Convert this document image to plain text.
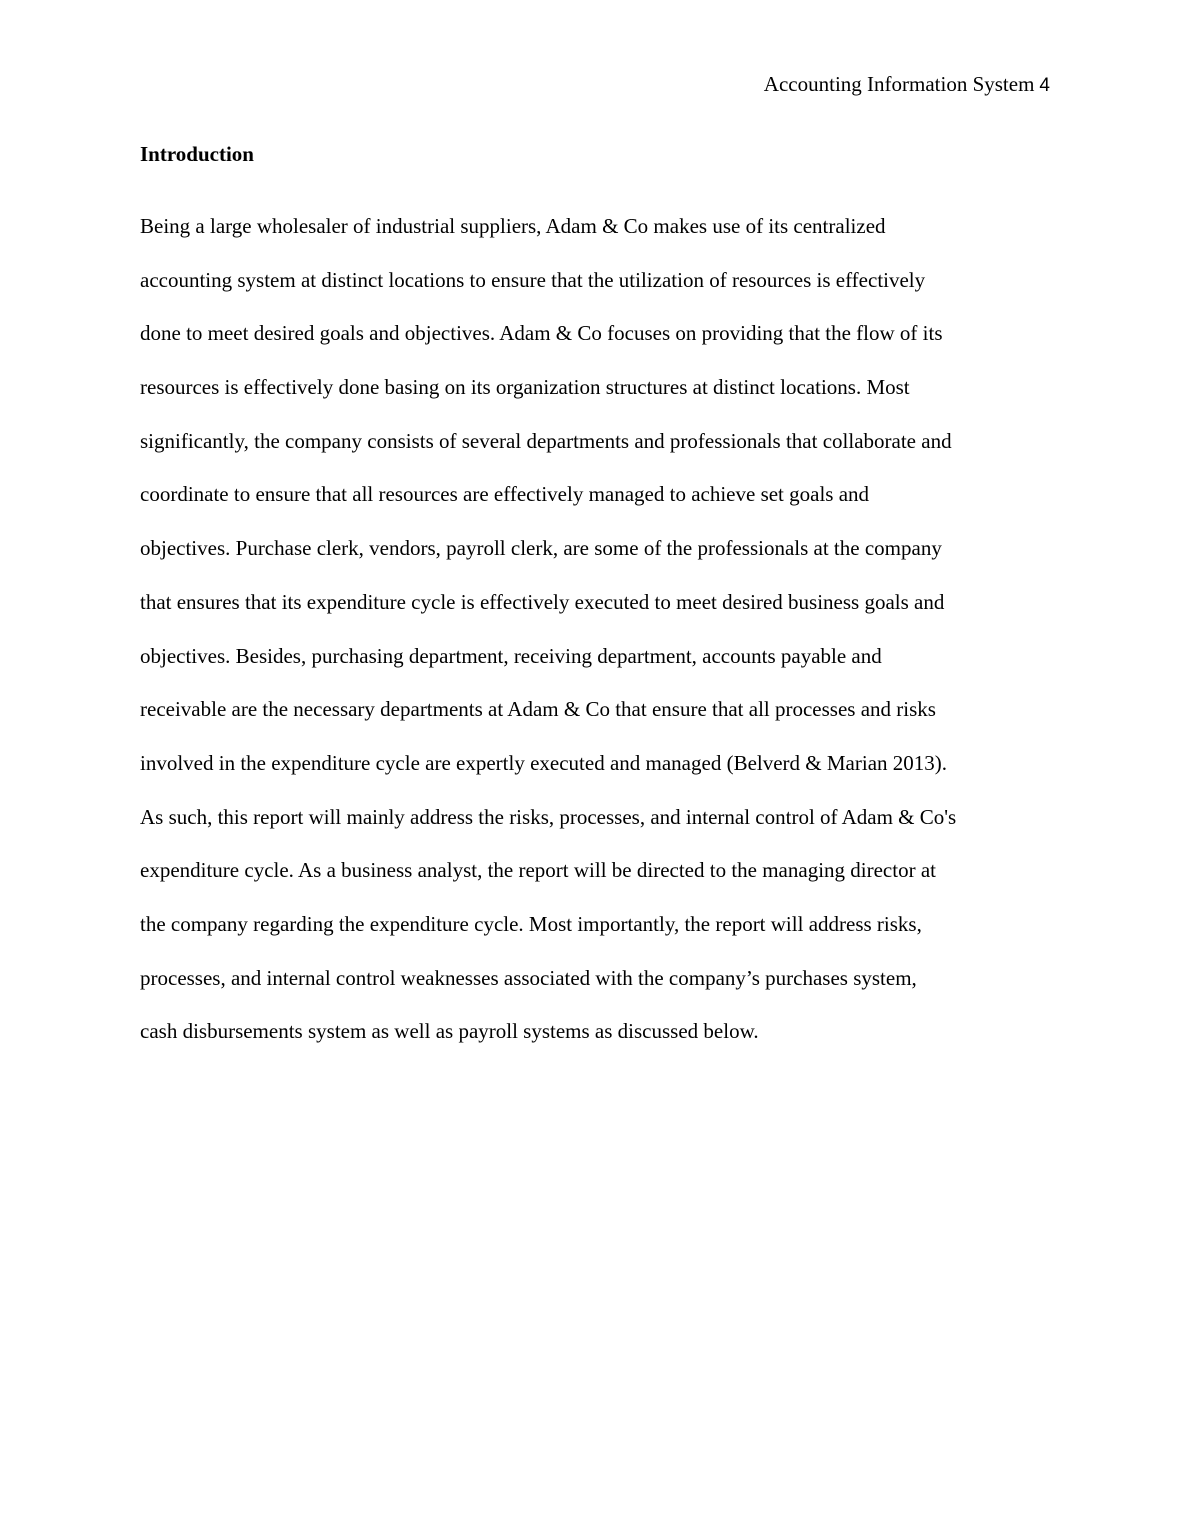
Accounting Information System 4
Introduction
Being a large wholesaler of industrial suppliers, Adam & Co makes use of its centralized
accounting system at distinct locations to ensure that the utilization of resources is effectively
done to meet desired goals and objectives. Adam & Co focuses on providing that the flow of its
resources is effectively done basing on its organization structures at distinct locations. Most
significantly, the company consists of several departments and professionals that collaborate and
coordinate to ensure that all resources are effectively managed to achieve set goals and
objectives. Purchase clerk, vendors, payroll clerk, are some of the professionals at the company
that ensures that its expenditure cycle is effectively executed to meet desired business goals and
objectives. Besides, purchasing department, receiving department, accounts payable and
receivable are the necessary departments at Adam & Co that ensure that all processes and risks
involved in the expenditure cycle are expertly executed and managed (Belverd & Marian 2013).
As such, this report will mainly address the risks, processes, and internal control of Adam & Co's
expenditure cycle. As a business analyst, the report will be directed to the managing director at
the company regarding the expenditure cycle. Most importantly, the report will address risks,
processes, and internal control weaknesses associated with the company’s purchases system,
cash disbursements system as well as payroll systems as discussed below.
